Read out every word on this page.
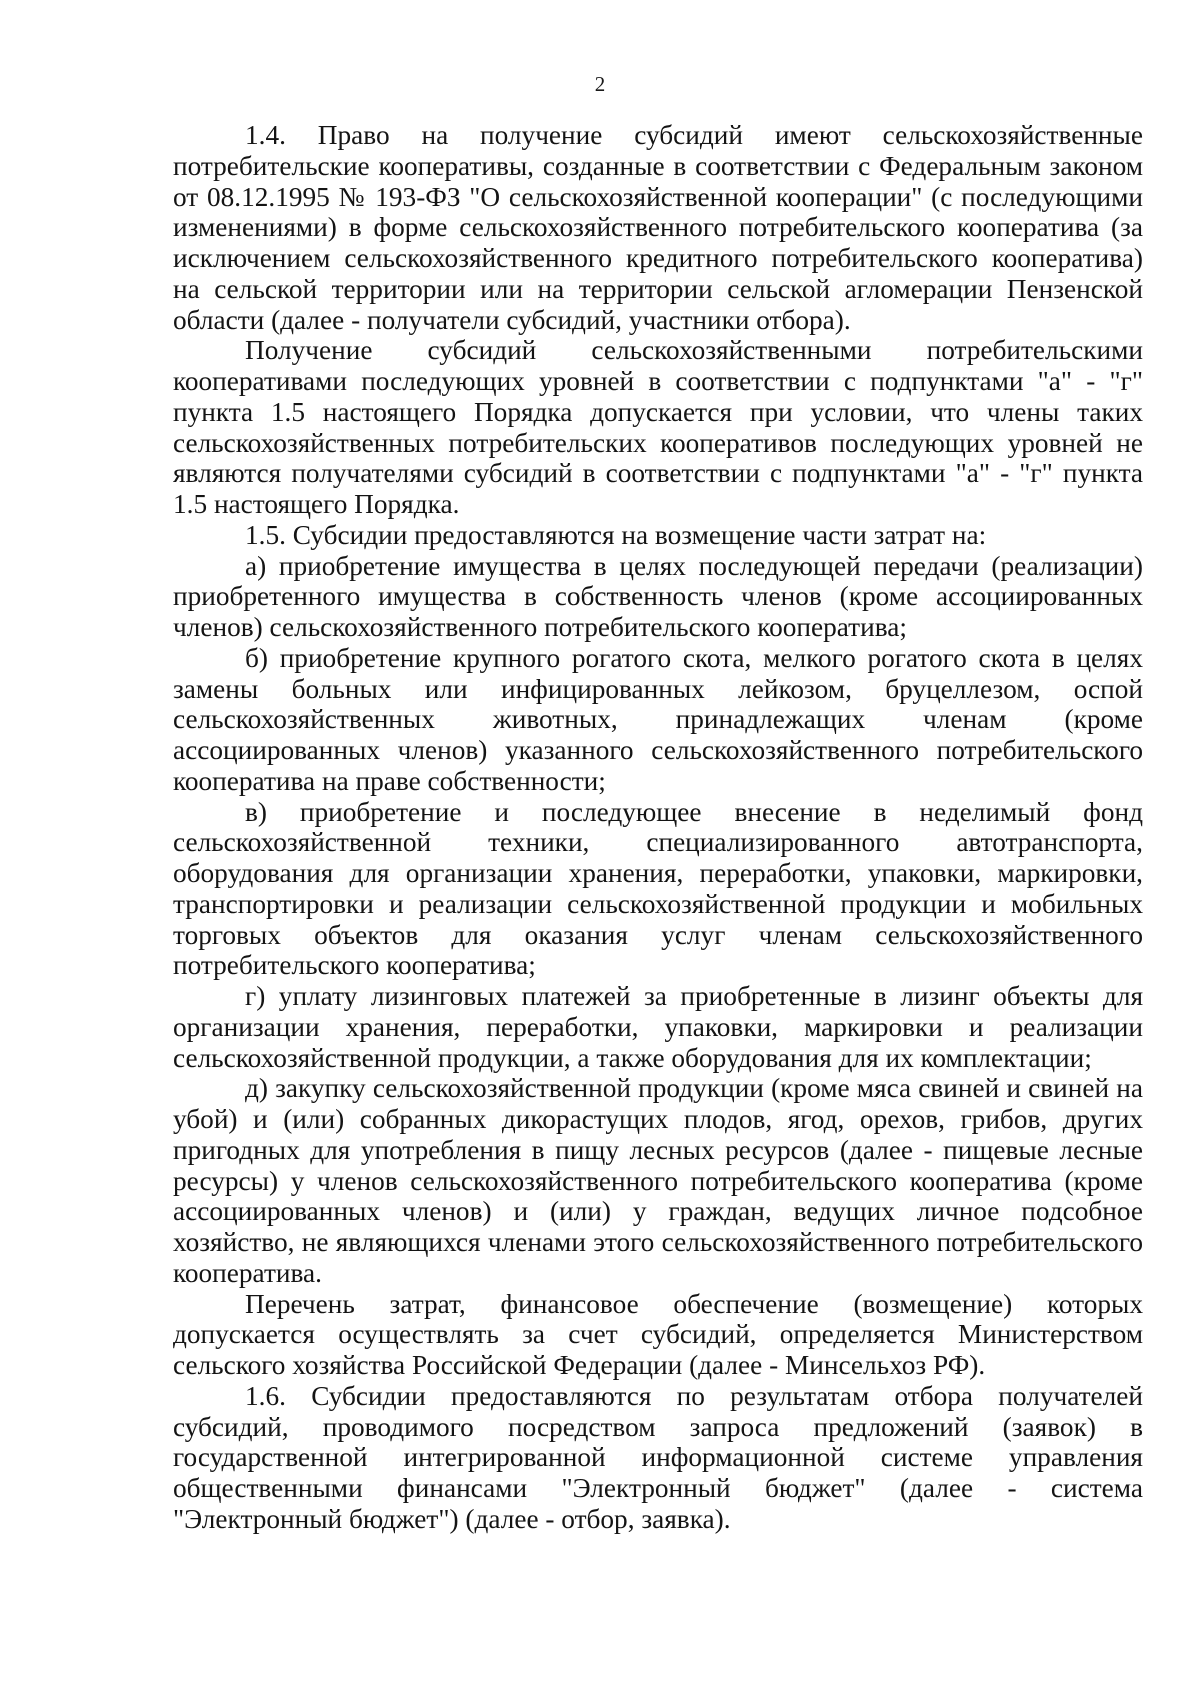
2

1.4. Право на получение субсидий имеют сельскохозяйственные потребительские кооперативы, созданные в соответствии с Федеральным законом от 08.12.1995 № 193-ФЗ "О сельскохозяйственной кооперации" (с последующими изменениями) в форме сельскохозяйственного потребительского кооператива (за исключением сельскохозяйственного кредитного потребительского кооператива) на сельской территории или на территории сельской агломерации Пензенской области (далее - получатели субсидий, участники отбора).

Получение субсидий сельскохозяйственными потребительскими кооперативами последующих уровней в соответствии с подпунктами "а" - "г" пункта 1.5 настоящего Порядка допускается при условии, что члены таких сельскохозяйственных потребительских кооперативов последующих уровней не являются получателями субсидий в соответствии с подпунктами "а" - "г" пункта 1.5 настоящего Порядка.

1.5. Субсидии предоставляются на возмещение части затрат на:

а) приобретение имущества в целях последующей передачи (реализации) приобретенного имущества в собственность членов (кроме ассоциированных членов) сельскохозяйственного потребительского кооператива;

б) приобретение крупного рогатого скота, мелкого рогатого скота в целях замены больных или инфицированных лейкозом, бруцеллезом, оспой сельскохозяйственных животных, принадлежащих членам (кроме ассоциированных членов) указанного сельскохозяйственного потребительского кооператива на праве собственности;

в) приобретение и последующее внесение в неделимый фонд сельскохозяйственной техники, специализированного автотранспорта, оборудования для организации хранения, переработки, упаковки, маркировки, транспортировки и реализации сельскохозяйственной продукции и мобильных торговых объектов для оказания услуг членам сельскохозяйственного потребительского кооператива;

г) уплату лизинговых платежей за приобретенные в лизинг объекты для организации хранения, переработки, упаковки, маркировки и реализации сельскохозяйственной продукции, а также оборудования для их комплектации;

д) закупку сельскохозяйственной продукции (кроме мяса свиней и свиней на убой) и (или) собранных дикорастущих плодов, ягод, орехов, грибов, других пригодных для употребления в пищу лесных ресурсов (далее - пищевые лесные ресурсы) у членов сельскохозяйственного потребительского кооператива (кроме ассоциированных членов) и (или) у граждан, ведущих личное подсобное хозяйство, не являющихся членами этого сельскохозяйственного потребительского кооператива.

Перечень затрат, финансовое обеспечение (возмещение) которых допускается осуществлять за счет субсидий, определяется Министерством сельского хозяйства Российской Федерации (далее - Минсельхоз РФ).

1.6. Субсидии предоставляются по результатам отбора получателей субсидий, проводимого посредством запроса предложений (заявок) в государственной интегрированной информационной системе управления общественными финансами "Электронный бюджет" (далее - система "Электронный бюджет") (далее - отбор, заявка).
